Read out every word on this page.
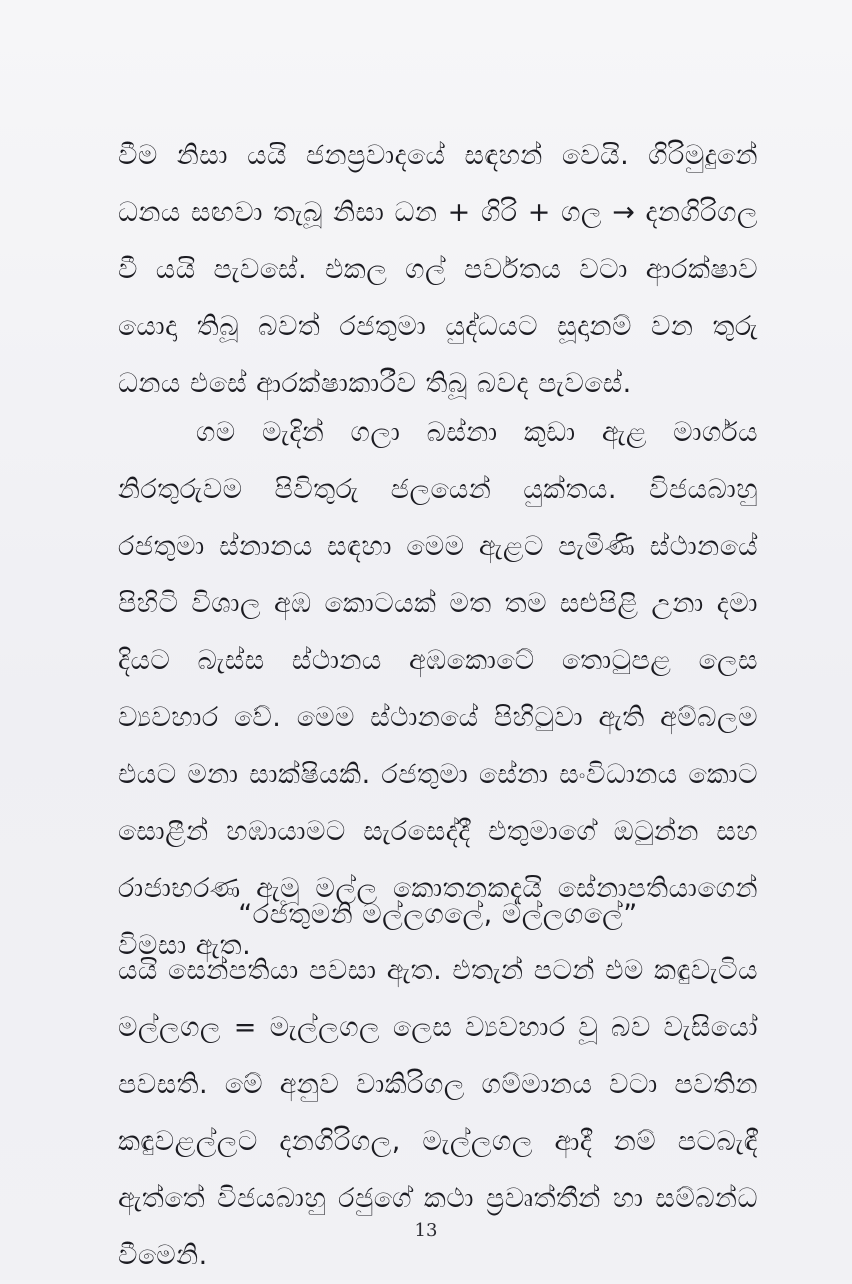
වීම නිසා යයි ජනප්‍රවාදයේ සඳහන් වෙයි. ගිරිමුදුනේ ධනය සඟවා තැබූ නිසා ධන + ගිරි + ගල → දනගිරිගල වී යයි පැවසේ. එකල ගල් පර්වතය වටා ආරක්ෂාව යොදා තිබූ බවත් රජතුමා යුද්ධයට සූදානම් වන තුරු ධනය එසේ ආරක්ෂාකාරීව තිබූ බවද පැවසේ.

ගම මැදින් ගලා බස්නා කුඩා ඇළ මාර්ගය නිරතුරුවම පිවිතුරු ජලයෙන් යුක්තය. විජයබාහු රජතුමා ස්නානය සඳහා මෙම ඇළට පැමිණි ස්ථානයේ පිහිටි විශාල අඹ කොටයක් මත තම සළුපිළි උනා දමා දියට බැස්ස ස්ථානය අඹකොටේ තොටුපළ ලෙස ව්‍යවහාර වේ. මෙම ස්ථානයේ පිහිටුවා ඇති අම්බලම එයට මනා සාක්ෂියකි. රජතුමා සේනා සංවිධානය කොට සොළීන් හඹායාමට සැරසෙද්දී එතුමාගේ ඔටුන්න සහ රාජාභරණ ඇමූ මල්ල කොතනකදැයි සේනාපතියාගෙන් විමසා ඇත.

“රජතුමනි මල්ලගලේ, මල්ලගලේ”

යයි සෙන්පතියා පවසා ඇත. එතැන් පටන් එම කඳුවැටිය මල්ලගල = මැල්ලගල ලෙස ව්‍යවහාර වූ බව වැසියෝ පවසති. මේ අනුව වාකිරිගල ගම්මානය වටා පවතින කඳුවළල්ලට දනගිරිගල, මැල්ලගල ආදී නම් පටබැඳී ඇත්තේ විජයබාහු රජුගේ කථා ප්‍රවෘත්තීන් හා සම්බන්ධ වීමෙනි.

13
